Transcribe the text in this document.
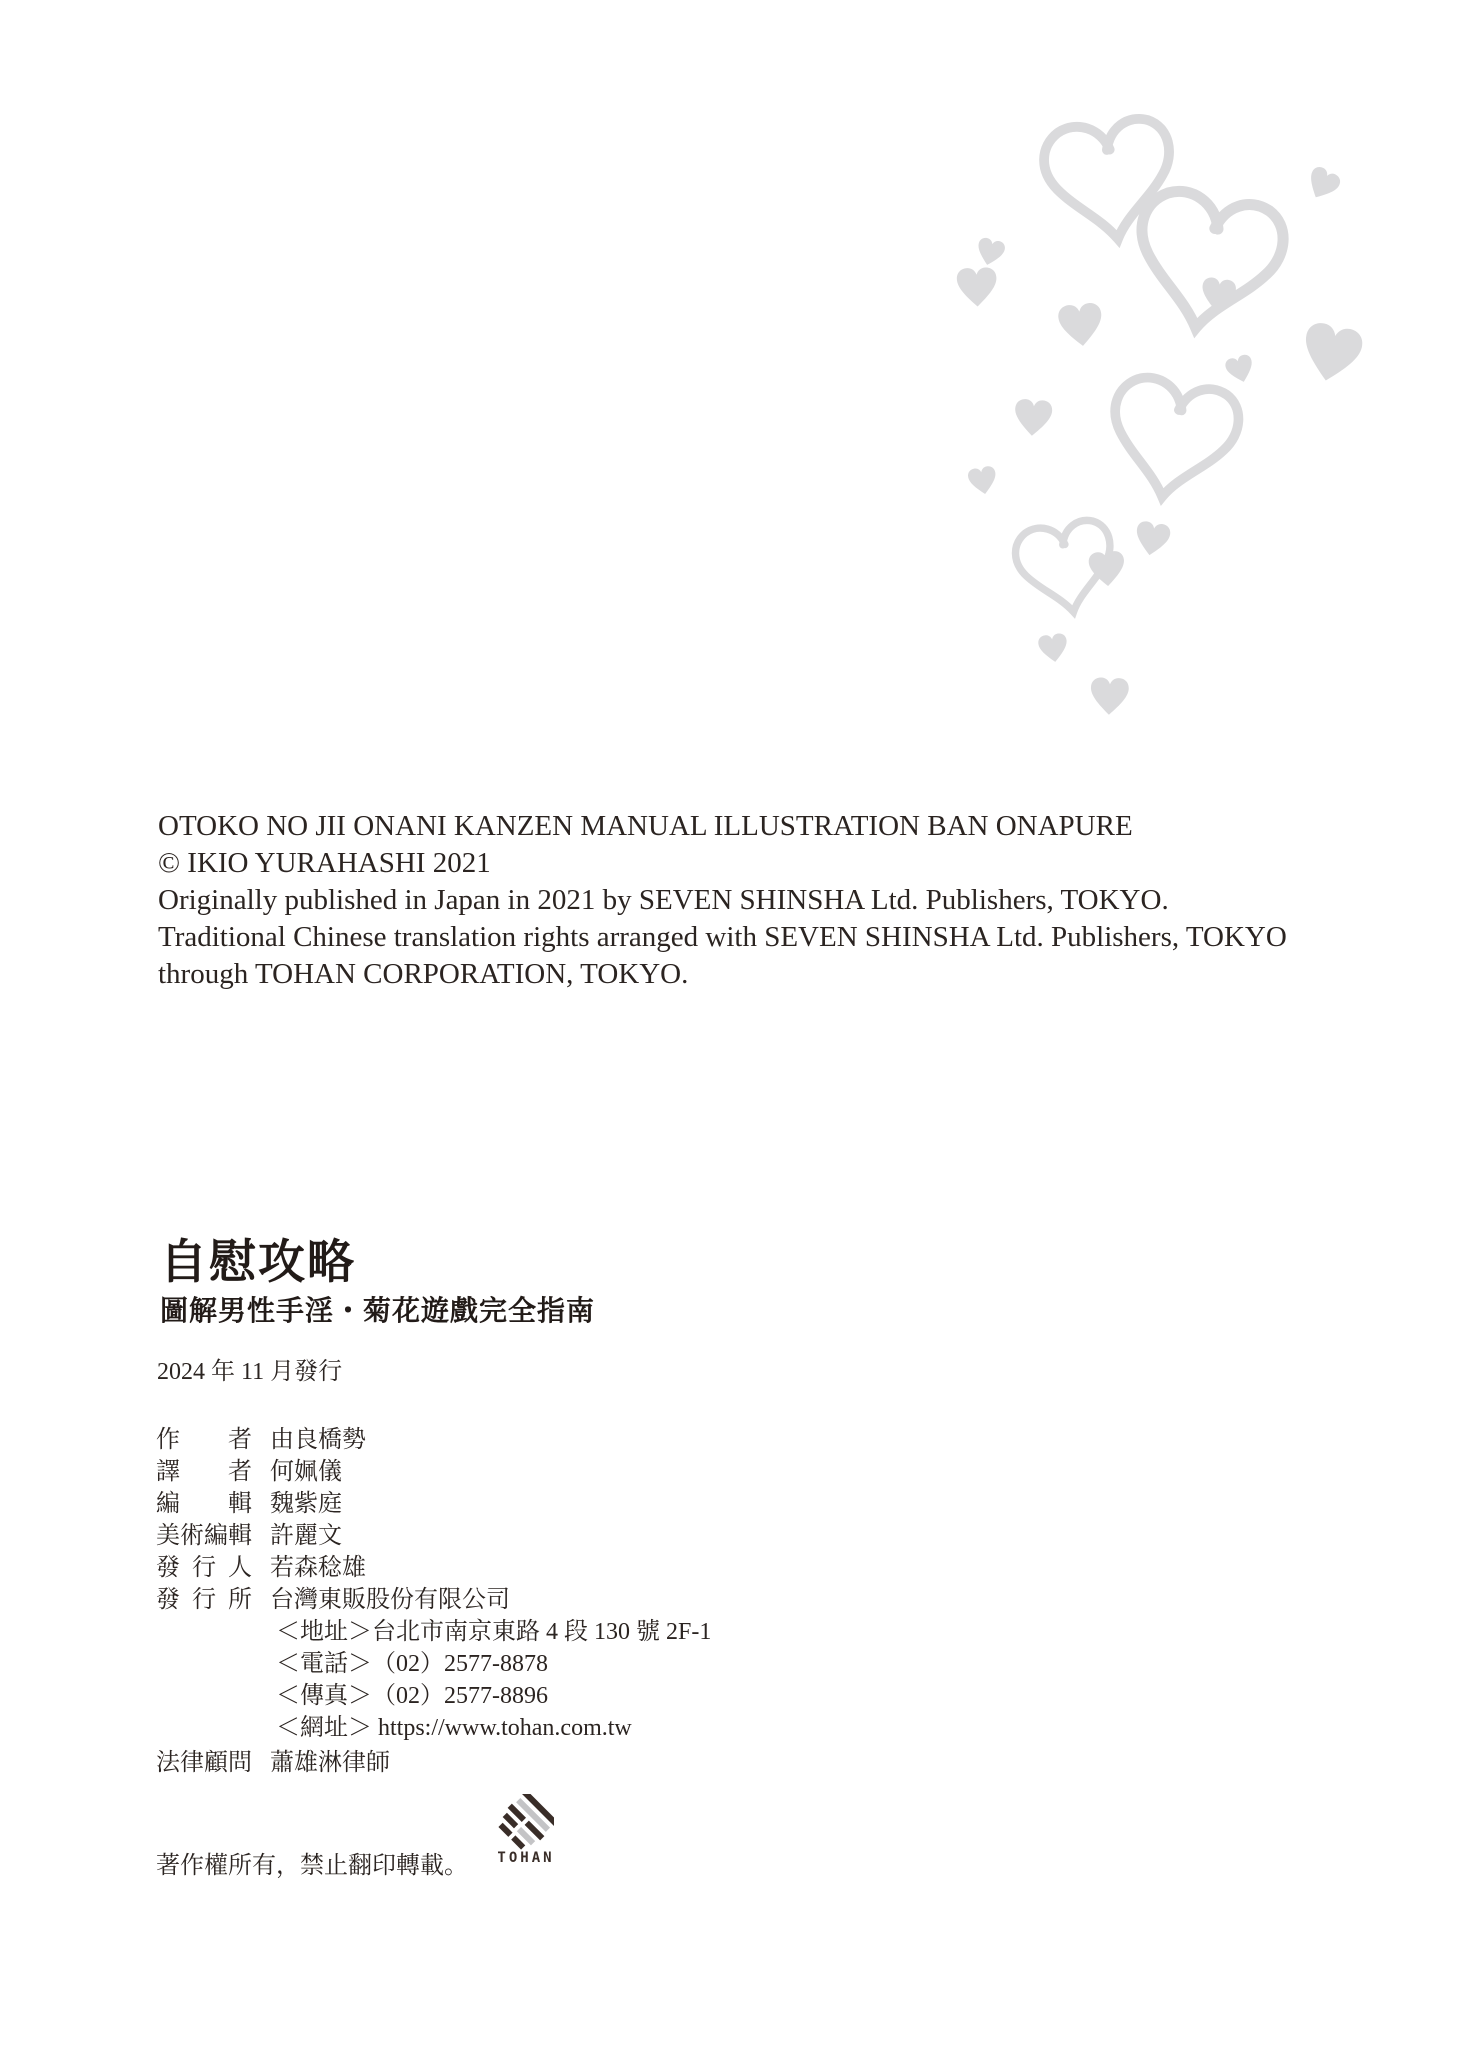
OTOKO NO JII ONANI KANZEN MANUAL ILLUSTRATION BAN ONAPURE
© IKIO YURAHASHI 2021
Originally published in Japan in 2021 by SEVEN SHINSHA Ltd. Publishers, TOKYO.
Traditional Chinese translation rights arranged with SEVEN SHINSHA Ltd. Publishers, TOKYO
through TOHAN CORPORATION, TOKYO.
自慰攻略
圖解男性手淫・菊花遊戲完全指南
2024 年 11 月發行
作 者 由良橋勢
譯 者 何姵儀
編 輯 魏紫庭
美 術 編 輯 許麗文
發 行 人 若森稔雄
發 行 所 台灣東販股份有限公司
＜地址＞台北市南京東路 4 段 130 號 2F-1
＜電話＞（02）2577-8878
＜傳真＞（02）2577-8896
＜網址＞ https://www.tohan.com.tw
法 律 顧 問 蕭雄淋律師
著作權所有，禁止翻印轉載。	TOHAN
